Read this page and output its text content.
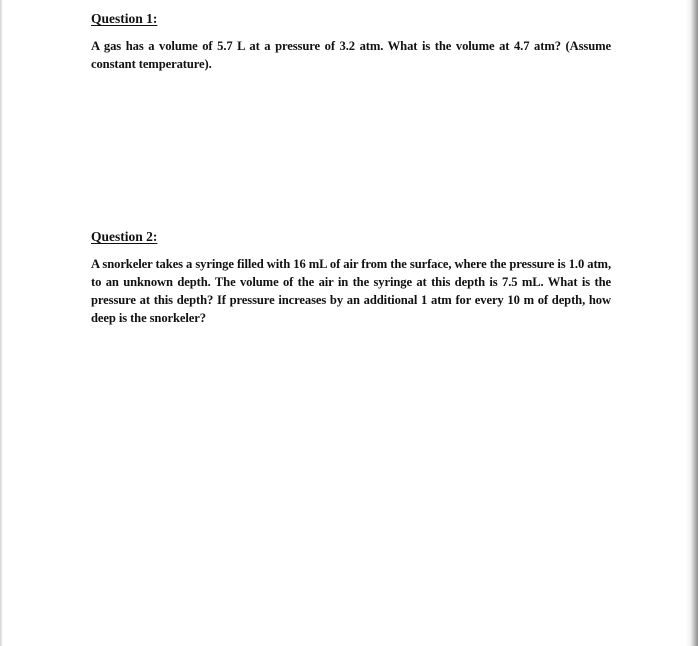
Question 1:

A gas has a volume of 5.7 L at a pressure of 3.2 atm. What is the volume at 4.7 atm? (Assume constant temperature).

Question 2:

A snorkeler takes a syringe filled with 16 mL of air from the surface, where the pressure is 1.0 atm, to an unknown depth. The volume of the air in the syringe at this depth is 7.5 mL. What is the pressure at this depth? If pressure increases by an additional 1 atm for every 10 m of depth, how deep is the snorkeler?
